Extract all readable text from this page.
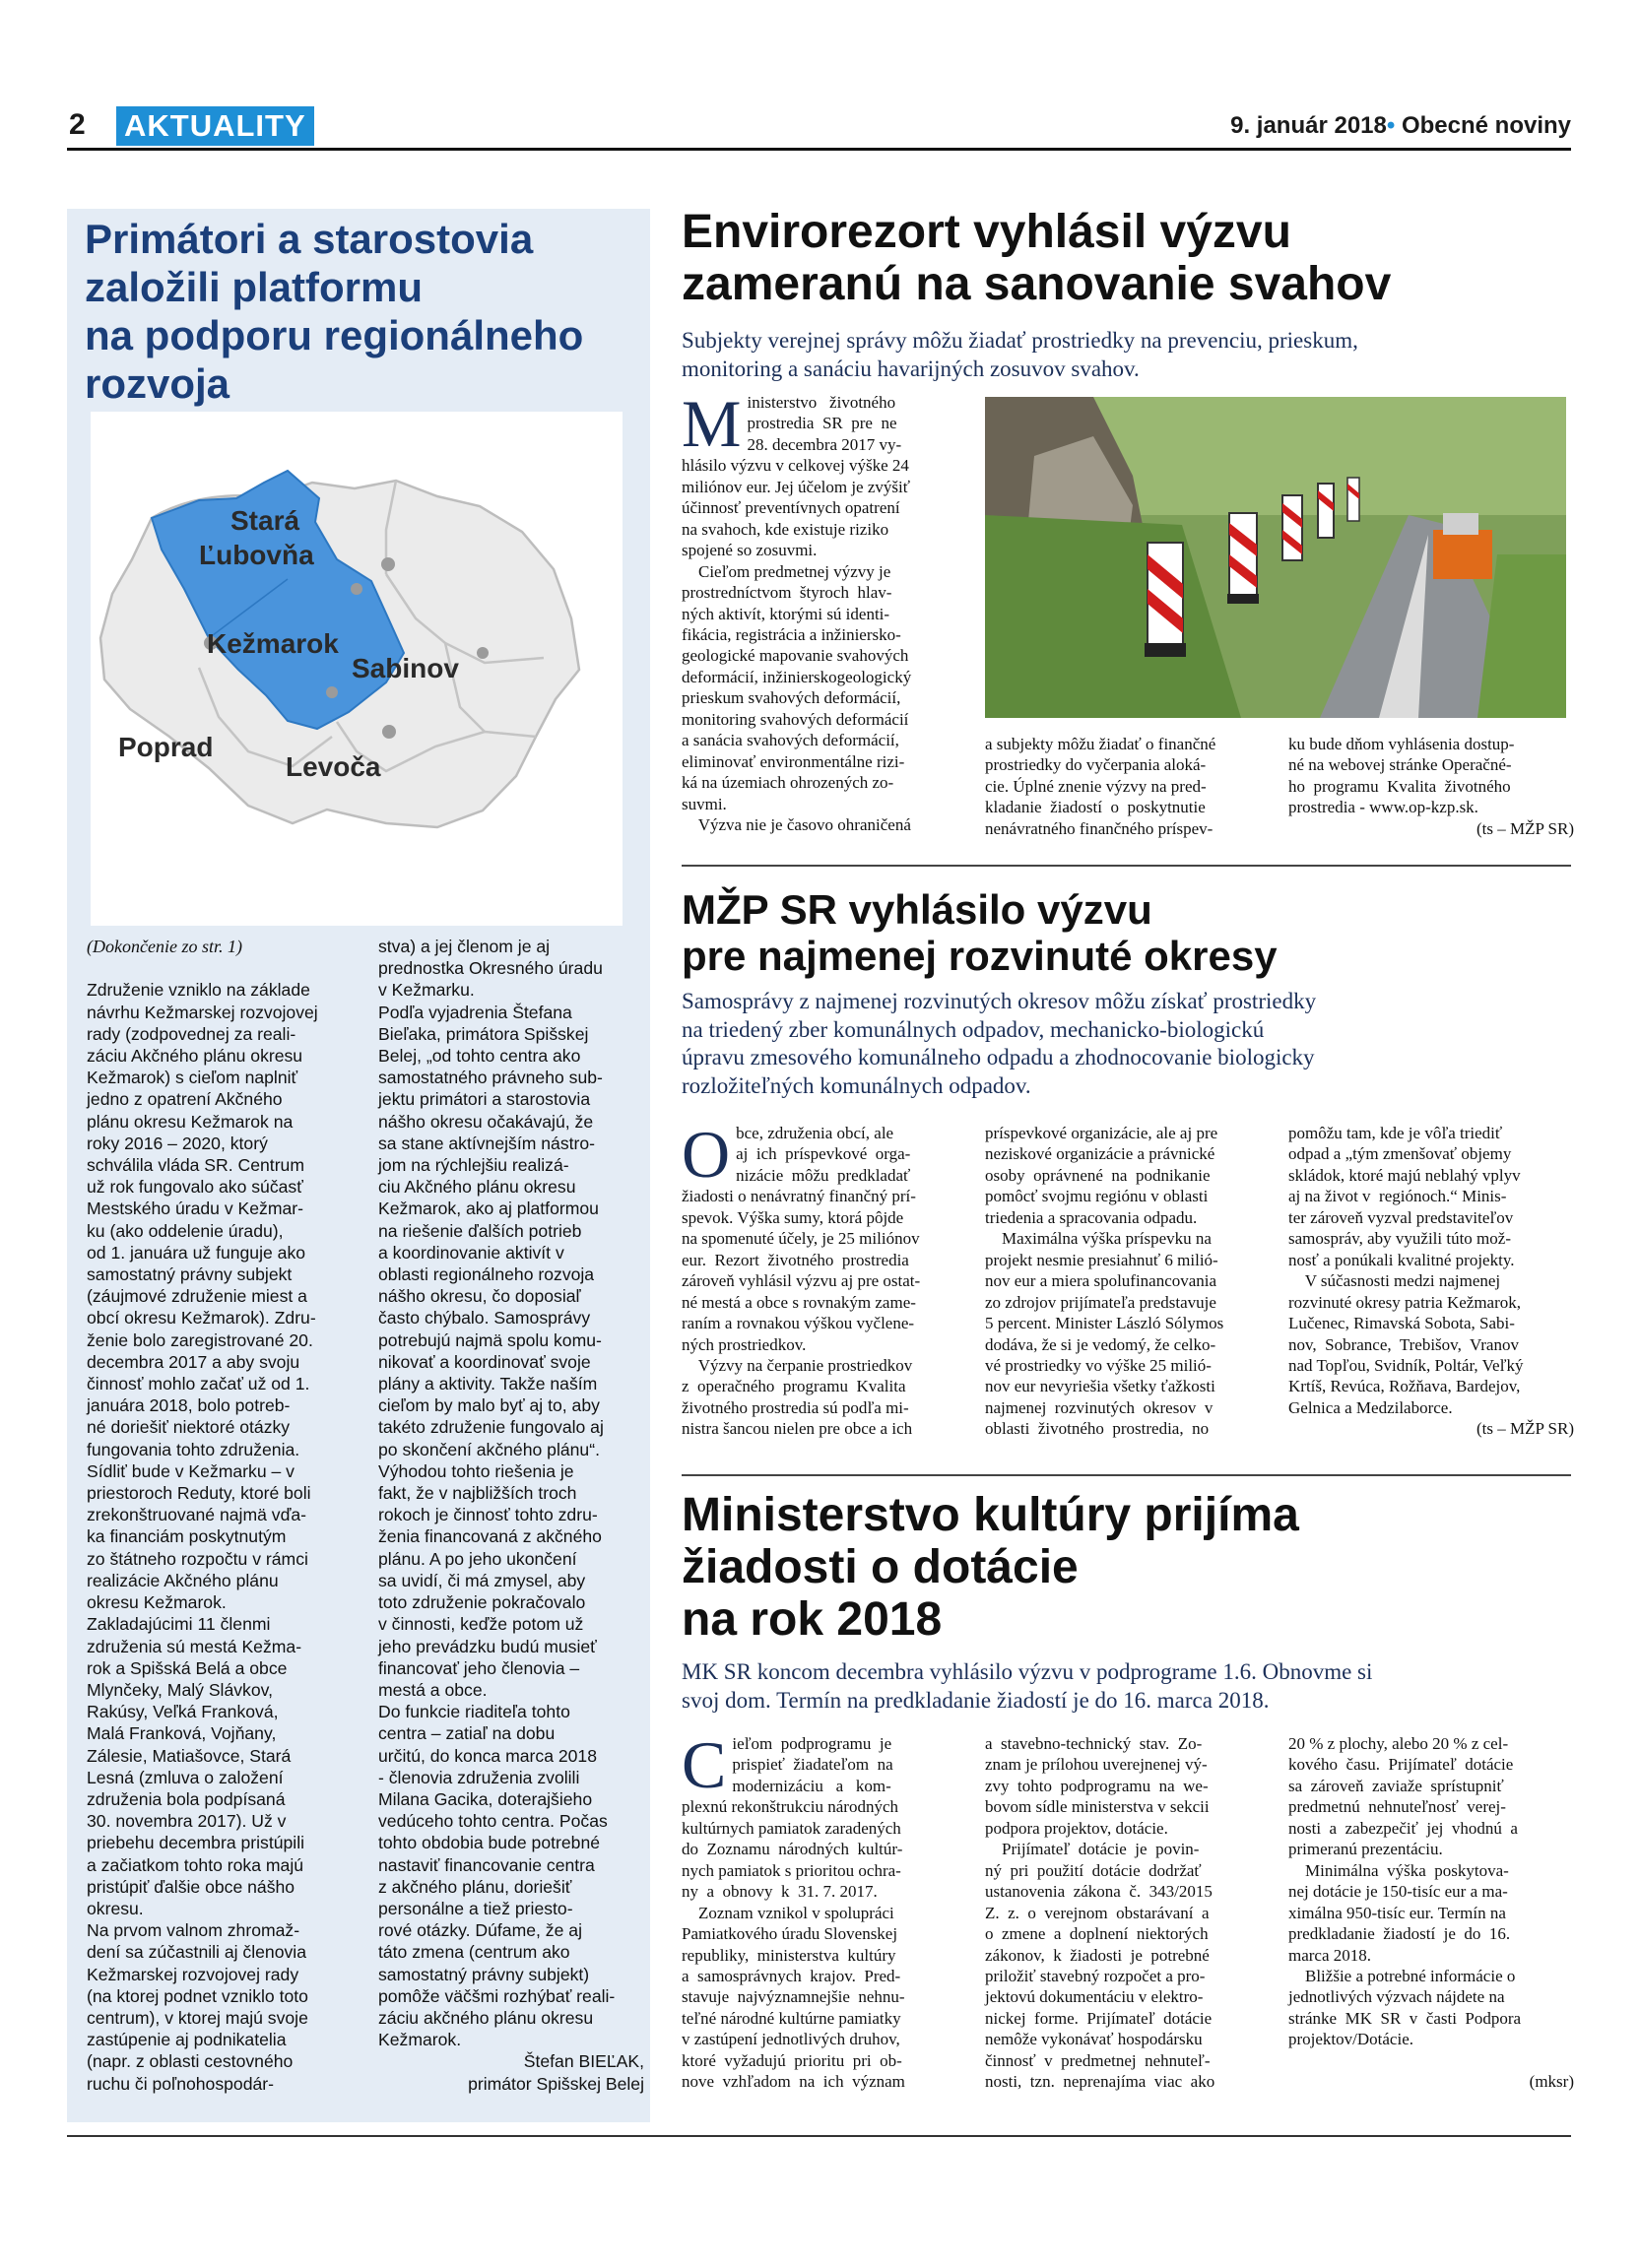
2 AKTUALITY	9. január 2018• Obecné noviny
Primátori a starostovia
založili platformu
na podporu regionálneho
rozvoja
Stará Ľubovňa
Kežmarok
Sabinov
Poprad
Levoča
(Dokončenie zo str. 1)

Združenie vzniklo na základe
návrhu Kežmarskej rozvojovej
rady (zodpovednej za reali-
záciu Akčného plánu okresu
Kežmarok) s cieľom naplniť
jedno z opatrení Akčného
plánu okresu Kežmarok na
roky 2016 – 2020, ktorý
schválila vláda SR. Centrum
už rok fungovalo ako súčasť
Mestského úradu v Kežmar-
ku (ako oddelenie úradu),
od 1. januára už funguje ako
samostatný právny subjekt
(záujmové združenie miest a
obcí okresu Kežmarok). Zdru-
ženie bolo zaregistrované 20.
decembra 2017 a aby svoju
činnosť mohlo začať už od 1.
januára 2018, bolo potreb-
né doriešiť niektoré otázky
fungovania tohto združenia.
Sídliť bude v Kežmarku – v
priestoroch Reduty, ktoré boli
zrekonštruované najmä vďa-
ka financiám poskytnutým
zo štátneho rozpočtu v rámci
realizácie Akčného plánu
okresu Kežmarok.
Zakladajúcimi 11 členmi
združenia sú mestá Kežma-
rok a Spišská Belá a obce
Mlynčeky, Malý Slávkov,
Rakúsy, Veľká Franková,
Malá Franková, Vojňany,
Zálesie, Matiašovce, Stará
Lesná (zmluva o založení
združenia bola podpísaná
30. novembra 2017). Už v
priebehu decembra pristúpili
a začiatkom tohto roka majú
pristúpiť ďalšie obce nášho
okresu.
Na prvom valnom zhromaž-
dení sa zúčastnili aj členovia
Kežmarskej rozvojovej rady
(na ktorej podnet vzniklo toto
centrum), v ktorej majú svoje
zastúpenie aj podnikatelia
(napr. z oblasti cestovného
ruchu či poľnohospodár-
stva) a jej členom je aj
prednostka Okresného úradu
v Kežmarku.
Podľa vyjadrenia Štefana
Bieľaka, primátora Spišskej
Belej, „od tohto centra ako
samostatného právneho sub-
jektu primátori a starostovia
nášho okresu očakávajú, že
sa stane aktívnejším nástro-
jom na rýchlejšiu realizá-
ciu Akčného plánu okresu
Kežmarok, ako aj platformou
na riešenie ďalších potrieb
a koordinovanie aktivít v
oblasti regionálneho rozvoja
nášho okresu, čo doposiaľ
často chýbalo. Samosprávy
potrebujú najmä spolu komu-
nikovať a koordinovať svoje
plány a aktivity. Takže naším
cieľom by malo byť aj to, aby
takéto združenie fungovalo aj
po skončení akčného plánu“.
Výhodou tohto riešenia je
fakt, že v najbližších troch
rokoch je činnosť tohto zdru-
ženia financovaná z akčného
plánu. A po jeho ukončení
sa uvidí, či má zmysel, aby
toto združenie pokračovalo
v činnosti, keďže potom už
jeho prevádzku budú musieť
financovať jeho členovia –
mestá a obce.
Do funkcie riaditeľa tohto
centra – zatiaľ na dobu
určitú, do konca marca 2018
- členovia združenia zvolili
Milana Gacika, doterajšieho
vedúceho tohto centra. Počas
tohto obdobia bude potrebné
nastaviť financovanie centra
z akčného plánu, doriešiť
personálne a tiež priesto-
rové otázky. Dúfame, že aj
táto zmena (centrum ako
samostatný právny subjekt)
pomôže väčšmi rozhýbať reali-
záciu akčného plánu okresu
Kežmarok.

Štefan BIEĽAK,
primátor Spišskej Belej
Envirorezort vyhlásil výzvu
zameranú na sanovanie svahov
Subjekty verejnej správy môžu žiadať prostriedky na prevenciu, prieskum,
monitoring a sanáciu havarijných zosuvov svahov.
Ministerstvo   životného
prostredia  SR  pre  ne
28. decembra 2017 vy-
hlásilo výzvu v celkovej výške 24
miliónov eur. Jej účelom je zvýšiť
účinnosť preventívnych opatrení
na svahoch, kde existuje riziko
spojené so zosuvmi.
Cieľom predmetnej výzvy je
prostredníctvom  štyroch  hlav-
ných aktivít, ktorými sú identi-
fikácia, registrácia a inžiniersko-
geologické mapovanie svahových
deformácií, inžinierskogeologický
prieskum svahových deformácií,
monitoring svahových deformácií
a sanácia svahových deformácií,
eliminovať environmentálne rizi-
ká na územiach ohrozených zo-
suvmi.
Výzva nie je časovo ohraničená
a subjekty môžu žiadať o finančné
prostriedky do vyčerpania aloká-
cie. Úplné znenie výzvy na pred-
kladanie  žiadostí  o  poskytnutie
nenávratného finančného príspev-
ku bude dňom vyhlásenia dostup-
né na webovej stránke Operačné-
ho  programu  Kvalita  životného
prostredia - www.op-kzp.sk.

(ts – MŽP SR)
MŽP SR vyhlásilo výzvu
pre najmenej rozvinuté okresy
Samosprávy z najmenej rozvinutých okresov môžu získať prostriedky
na triedený zber komunálnych odpadov, mechanicko-biologickú
úpravu zmesového komunálneho odpadu a zhodnocovanie biologicky
rozložiteľných komunálnych odpadov.
Obce, združenia obcí, ale
aj  ich  príspevkové  orga-
nizácie  môžu  predkladať
žiadosti o nenávratný finančný prí-
spevok. Výška sumy, ktorá pôjde
na spomenuté účely, je 25 miliónov
eur.  Rezort  životného  prostredia
zároveň vyhlásil výzvu aj pre ostat-
né mestá a obce s rovnakým zame-
raním a rovnakou výškou vyčlene-
ných prostriedkov.
Výzvy na čerpanie prostriedkov
z  operačného  programu  Kvalita
životného prostredia sú podľa mi-
nistra šancou nielen pre obce a ich
príspevkové organizácie, ale aj pre
neziskové organizácie a právnické
osoby  oprávnené  na  podnikanie
pomôcť svojmu regiónu v oblasti
triedenia a spracovania odpadu.
Maximálna výška príspevku na
projekt nesmie presiahnuť 6 milió-
nov eur a miera spolufinancovania
zo zdrojov prijímateľa predstavuje
5 percent. Minister László Sólymos
dodáva, že si je vedomý, že celko-
vé prostriedky vo výške 25 milió-
nov eur nevyriešia všetky ťažkosti
najmenej  rozvinutých  okresov  v
oblasti  životného  prostredia,  no
pomôžu tam, kde je vôľa triediť
odpad a „tým zmenšovať objemy
skládok, ktoré majú neblahý vplyv
aj na život v  regiónoch.“ Minis-
ter zároveň vyzval predstaviteľov
samospráv, aby využili túto mož-
nosť a ponúkali kvalitné projekty.
V súčasnosti medzi najmenej
rozvinuté okresy patria Kežmarok,
Lučenec, Rimavská Sobota, Sabi-
nov,  Sobrance,  Trebišov,  Vranov
nad Topľou, Svidník, Poltár, Veľký
Krtíš, Revúca, Rožňava, Bardejov,
Gelnica a Medzilaborce.

(ts – MŽP SR)
Ministerstvo kultúry prijíma
žiadosti o dotácie
na rok 2018
MK SR koncom decembra vyhlásilo výzvu v podprograme 1.6. Obnovme si
svoj dom. Termín na predkladanie žiadostí je do 16. marca 2018.
Cieľom  podprogramu  je
prispieť  žiadateľom  na
modernizáciu   a   kom-
plexnú rekonštrukciu národných
kultúrnych pamiatok zaradených
do  Zoznamu  národných  kultúr-
nych pamiatok s prioritou ochra-
ny  a  obnovy  k  31. 7. 2017.
Zoznam vznikol v spolupráci
Pamiatkového úradu Slovenskej
republiky,  ministerstva  kultúry
a  samosprávnych  krajov.  Pred-
stavuje  najvýznamnejšie  nehnu-
teľné národné kultúrne pamiatky
v zastúpení jednotlivých druhov,
ktoré  vyžadujú  prioritu  pri  ob-
nove  vzhľadom  na  ich  význam
a  stavebno-technický  stav.  Zo-
znam je prílohou uverejnenej vý-
zvy  tohto  podprogramu  na  we-
bovom sídle ministerstva v sekcii
podpora projektov, dotácie.
Prijímateľ  dotácie  je  povin-
ný  pri  použití  dotácie  dodržať
ustanovenia  zákona  č.  343/2015
Z.  z.  o  verejnom  obstarávaní  a
o  zmene  a  doplnení  niektorých
zákonov,  k  žiadosti  je  potrebné
priložiť stavebný rozpočet a pro-
jektovú dokumentáciu v elektro-
nickej  forme.  Prijímateľ  dotácie
nemôže vykonávať hospodársku
činnosť  v  predmetnej  nehnuteľ-
nosti,  tzn.  neprenajíma  viac  ako
20 % z plochy, alebo 20 % z cel-
kového  času.  Prijímateľ  dotácie
sa  zároveň  zaviaže  sprístupniť
predmetnú  nehnuteľnosť  verej-
nosti  a  zabezpečiť  jej  vhodnú  a
primeranú prezentáciu.
Minimálna  výška  poskytova-
nej dotácie je 150-tisíc eur a ma-
ximálna 950-tisíc eur. Termín na
predkladanie  žiadostí  je  do  16.
marca 2018.
Bližšie a potrebné informácie o
jednotlivých výzvach nájdete na
stránke  MK  SR  v  časti  Podpora
projektov/Dotácie.

(mksr)
